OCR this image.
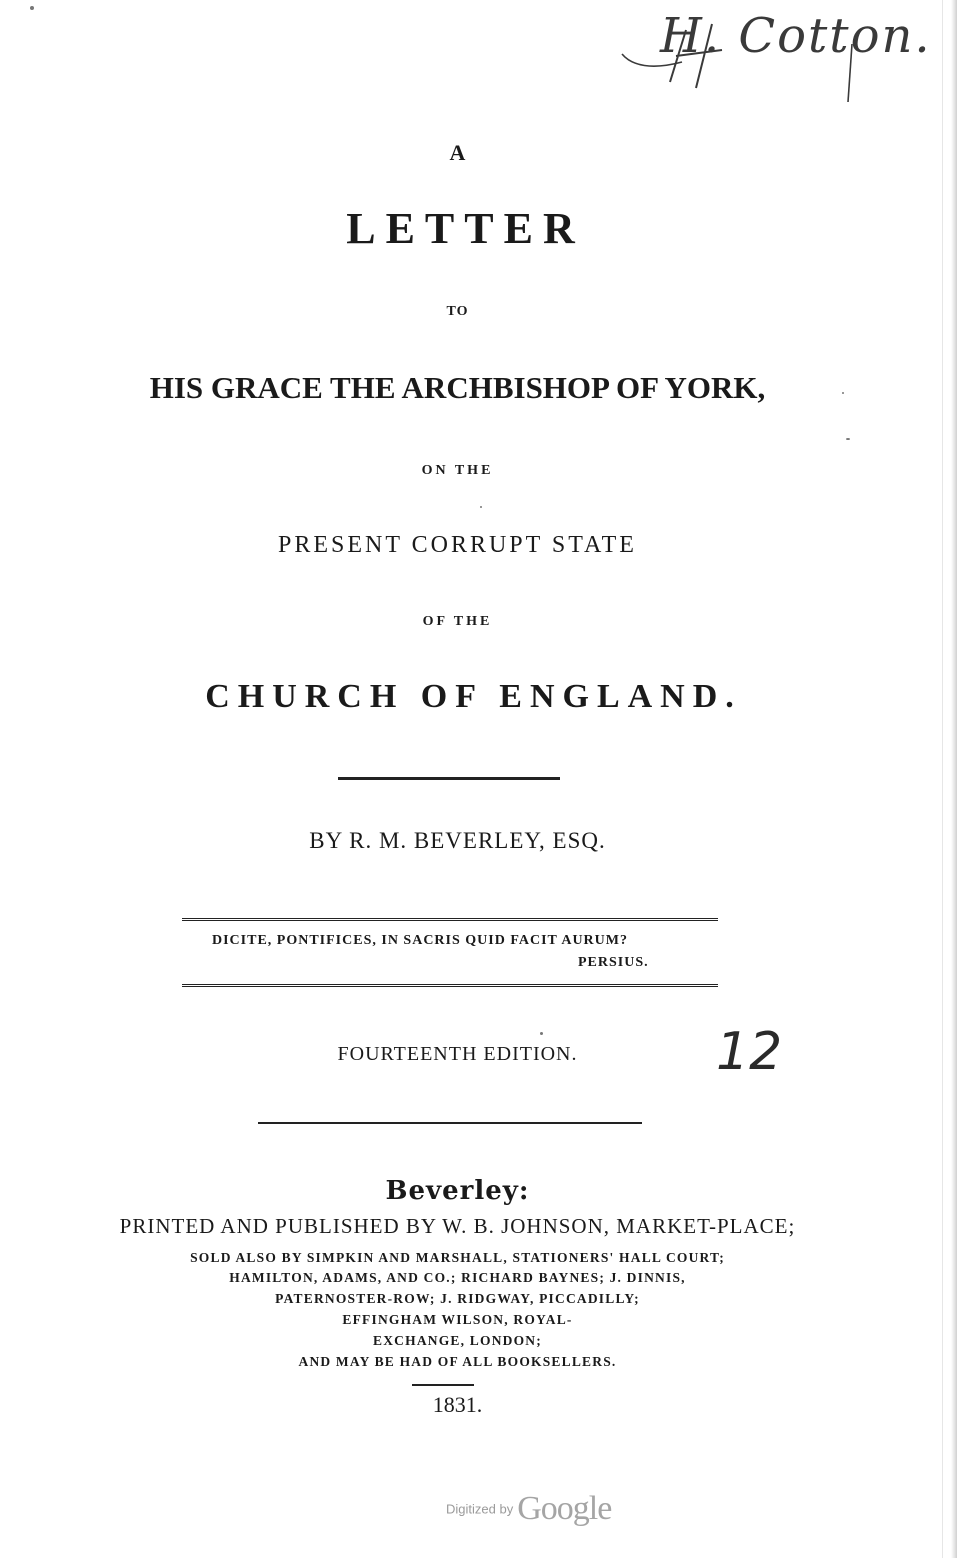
H. Cotton.
A
LETTER
TO
HIS GRACE THE ARCHBISHOP OF YORK,
ON THE
PRESENT CORRUPT STATE
OF THE
CHURCH OF ENGLAND.
BY R. M. BEVERLEY, ESQ.
DICITE, PONTIFICES, IN SACRIS QUID FACIT AURUM?
PERSIUS.
FOURTEENTH EDITION.	12
Beverley:
PRINTED AND PUBLISHED BY W. B. JOHNSON, MARKET-PLACE;
SOLD ALSO BY SIMPKIN AND MARSHALL, STATIONERS' HALL COURT;
HAMILTON, ADAMS, AND CO.; RICHARD BAYNES; J. DINNIS,
PATERNOSTER-ROW; J. RIDGWAY, PICCADILLY;
EFFINGHAM WILSON, ROYAL-
EXCHANGE, LONDON;
AND MAY BE HAD OF ALL BOOKSELLERS.
1831.
Digitized by Google
